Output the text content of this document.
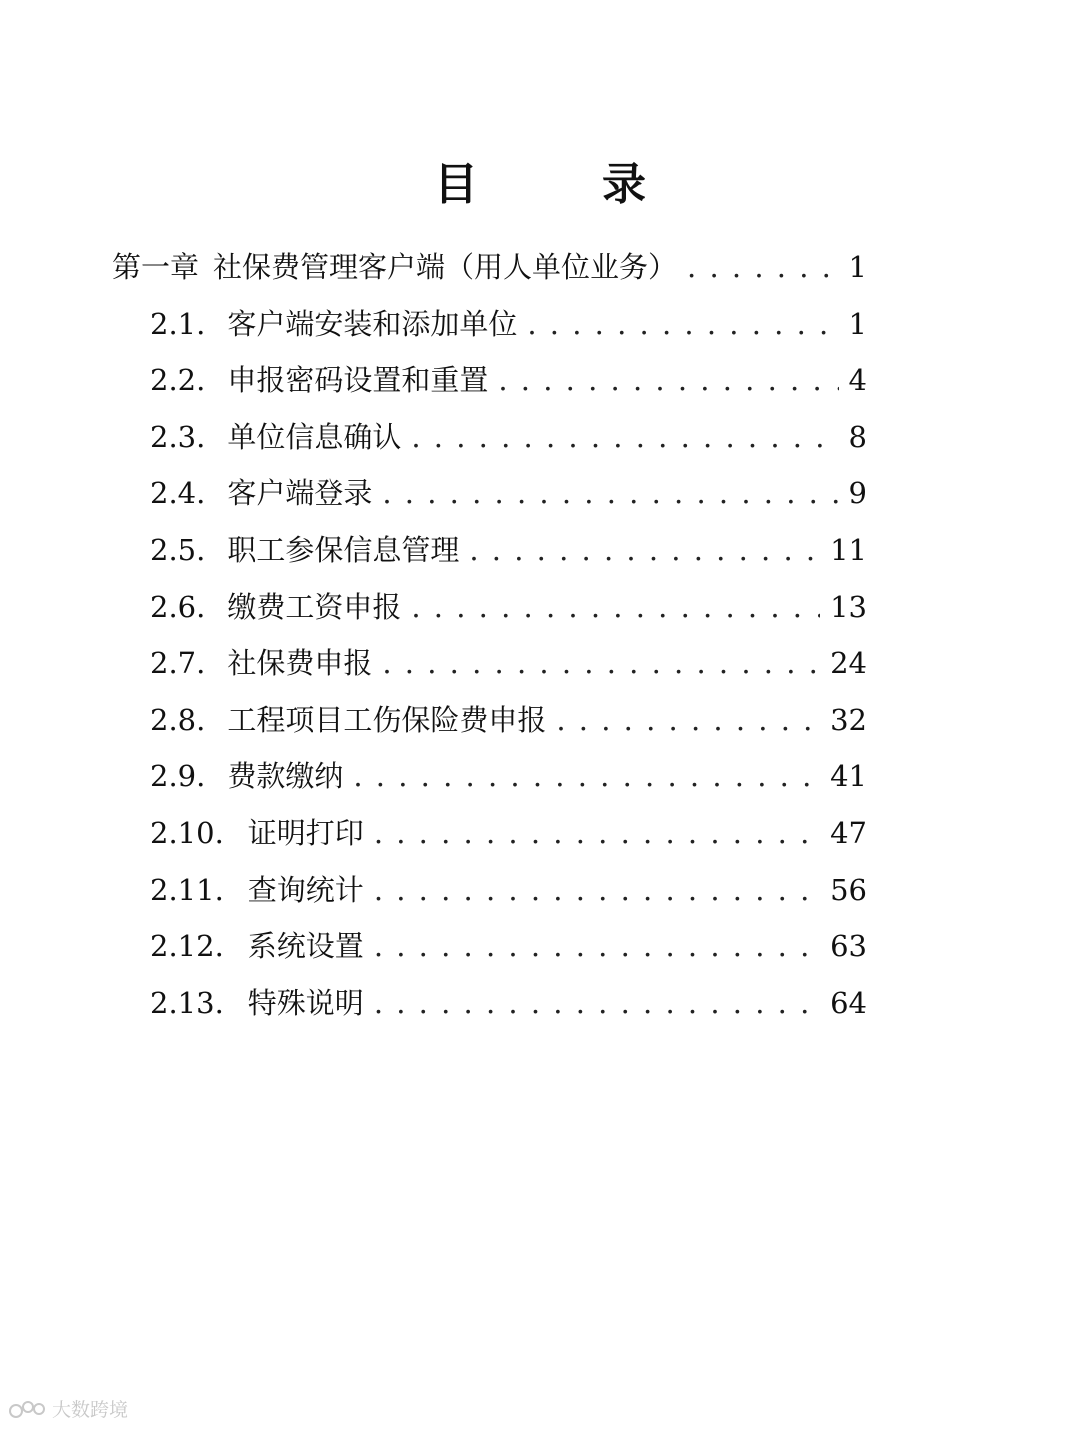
目　录
第一章 社保费管理客户端（用人单位业务） . . .	1
2.1. 客户端安装和添加单位 . . .	1
2.2. 申报密码设置和重置 . . .	4
2.3. 单位信息确认 . . .	8
2.4. 客户端登录 . . .	9
2.5. 职工参保信息管理 . . .	11
2.6. 缴费工资申报 . . .	13
2.7. 社保费申报 . . .	24
2.8. 工程项目工伤保险费申报 . . .	32
2.9. 费款缴纳 . . .	41
2.10. 证明打印 . . .	47
2.11. 查询统计 . . .	56
2.12. 系统设置 . . .	63
2.13. 特殊说明 . . .	64
大数跨境
